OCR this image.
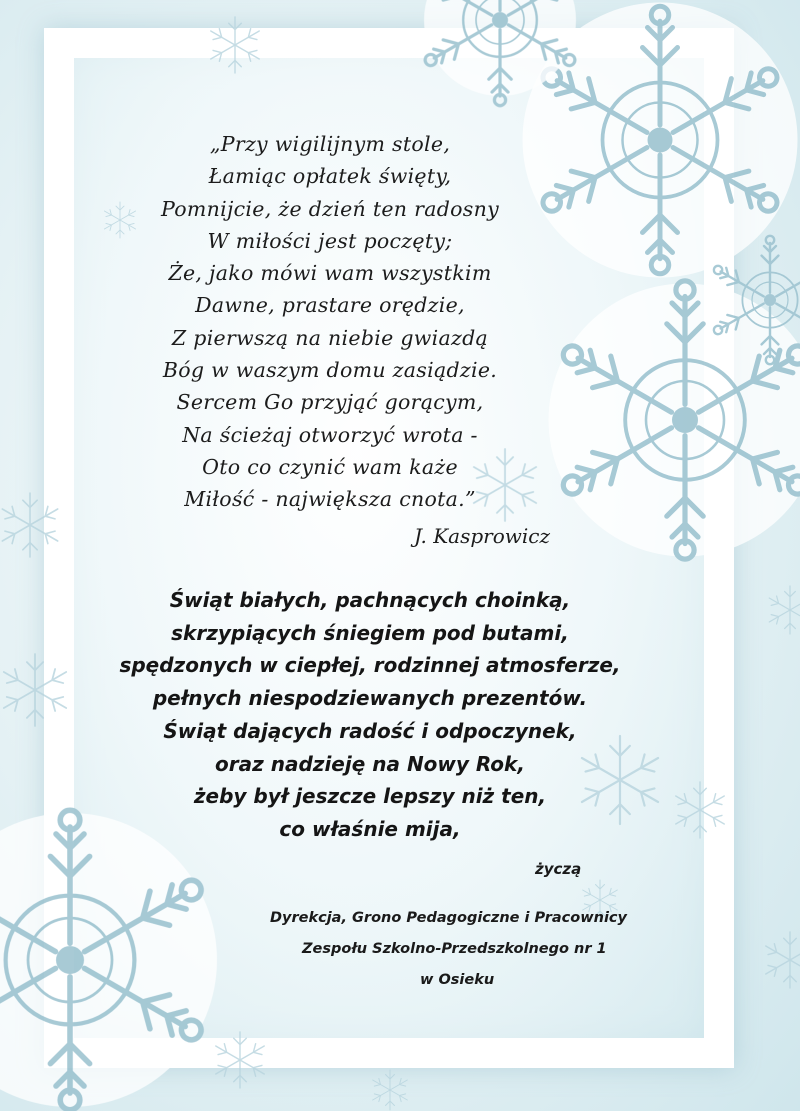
„Przy wigilijnym stole,
Łamiąc opłatek święty,
Pomnijcie, że dzień ten radosny
W miłości jest poczęty;
Że, jako mówi wam wszystkim
Dawne, prastare orędzie,
Z pierwszą na niebie gwiazdą
Bóg w waszym domu zasiądzie.
Sercem Go przyjąć gorącym,
Na ścieżaj otworzyć wrota -
Oto co czynić wam każe
Miłość - największa cnota.”
J. Kasprowicz
Świąt białych, pachnących choinką,
skrzypiących śniegiem pod butami,
spędzonych w ciepłej, rodzinnej atmosferze,
pełnych niespodziewanych prezentów.
Świąt dających radość i odpoczynek,
oraz nadzieję na Nowy Rok,
żeby był jeszcze lepszy niż ten,
co właśnie mija,
życzą
Dyrekcja, Grono Pedagogiczne i Pracownicy
Zespołu Szkolno-Przedszkolnego nr 1
w Osieku
